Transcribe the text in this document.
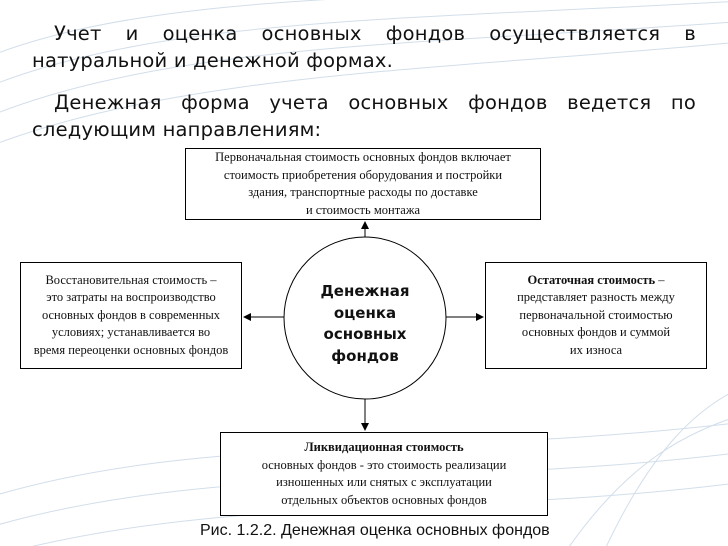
Учет и оценка основных фондов осуществляется в натуральной и денежной формах.
Денежная форма учета основных фондов ведется по следующим направлениям:
Денежная
оценка
основных
фондов
Первоначальная стоимость основных фондов включает
стоимость приобретения оборудования и постройки
здания, транспортные расходы по доставке
и стоимость монтажа
Восстановительная стоимость –
это затраты на воспроизводство
основных фондов в современных
условиях; устанавливается во
время переоценки основных фондов
Остаточная стоимость –
представляет разность между
первоначальной стоимостью
основных фондов и суммой
их износа
Ликвидационная стоимость
основных фондов - это стоимость реализации
изношенных или снятых с эксплуатации
отдельных объектов основных фондов
Рис. 1.2.2. Денежная оценка основных фондов
